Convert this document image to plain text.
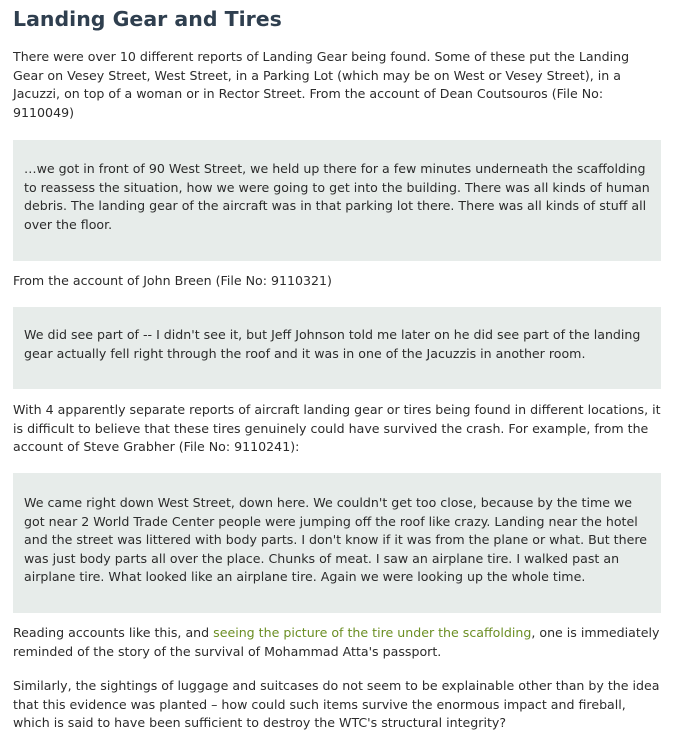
Landing Gear and Tires

There were over 10 different reports of Landing Gear being found. Some of these put the Landing Gear on Vesey Street, West Street, in a Parking Lot (which may be on West or Vesey Street), in a Jacuzzi, on top of a woman or in Rector Street. From the account of Dean Coutsouros (File No: 9110049)

…we got in front of 90 West Street, we held up there for a few minutes underneath the scaffolding to reassess the situation, how we were going to get into the building. There was all kinds of human debris. The landing gear of the aircraft was in that parking lot there. There was all kinds of stuff all over the floor.

From the account of John Breen (File No: 9110321)

We did see part of -- I didn't see it, but Jeff Johnson told me later on he did see part of the landing gear actually fell right through the roof and it was in one of the Jacuzzis in another room.

With 4 apparently separate reports of aircraft landing gear or tires being found in different locations, it is difficult to believe that these tires genuinely could have survived the crash. For example, from the account of Steve Grabher (File No: 9110241):

We came right down West Street, down here. We couldn't get too close, because by the time we got near 2 World Trade Center people were jumping off the roof like crazy. Landing near the hotel and the street was littered with body parts. I don't know if it was from the plane or what. But there was just body parts all over the place. Chunks of meat. I saw an airplane tire. I walked past an airplane tire. What looked like an airplane tire. Again we were looking up the whole time.

Reading accounts like this, and seeing the picture of the tire under the scaffolding, one is immediately reminded of the story of the survival of Mohammad Atta's passport.

Similarly, the sightings of luggage and suitcases do not seem to be explainable other than by the idea that this evidence was planted – how could such items survive the enormous impact and fireball, which is said to have been sufficient to destroy the WTC's structural integrity?
